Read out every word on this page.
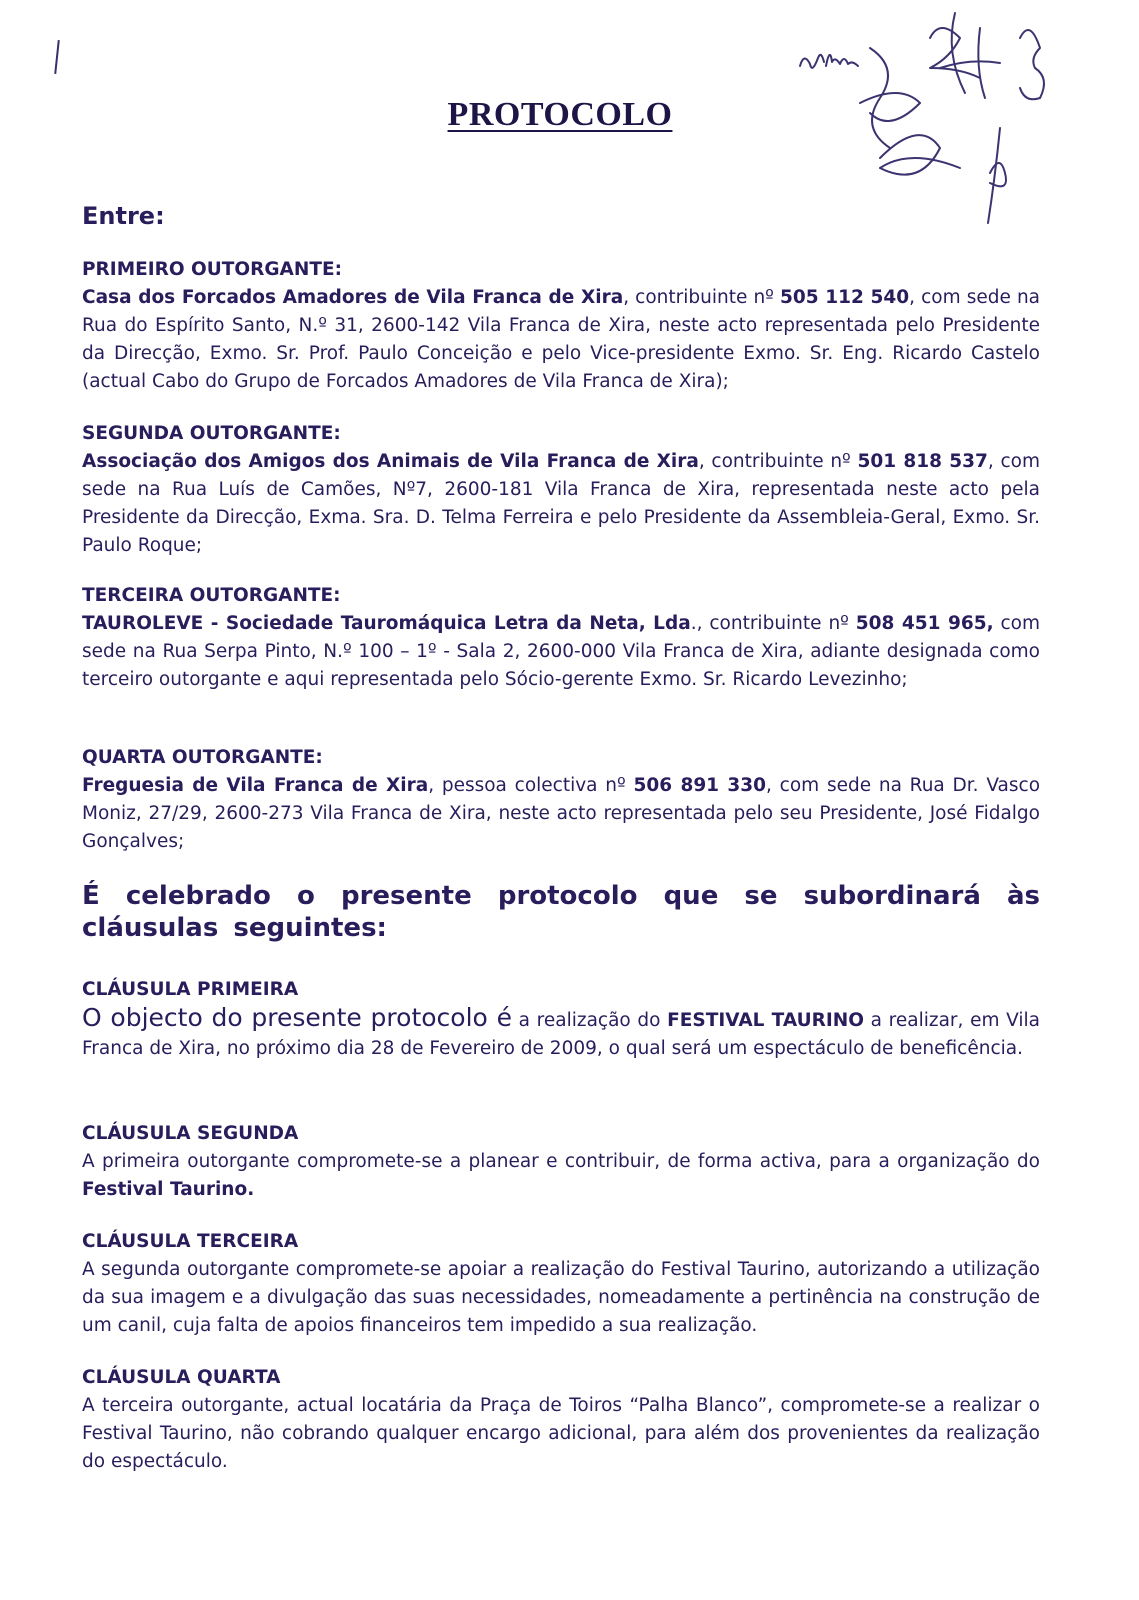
PROTOCOLO
Entre:
PRIMEIRO OUTORGANTE:
Casa dos Forcados Amadores de Vila Franca de Xira, contribuinte nº 505 112 540, com sede na Rua do Espírito Santo, N.º 31, 2600-142 Vila Franca de Xira, neste acto representada pelo Presidente da Direcção, Exmo. Sr. Prof. Paulo Conceição e pelo Vice-presidente Exmo. Sr. Eng. Ricardo Castelo (actual Cabo do Grupo de Forcados Amadores de Vila Franca de Xira);
SEGUNDA OUTORGANTE:
Associação dos Amigos dos Animais de Vila Franca de Xira, contribuinte nº 501 818 537, com sede na Rua Luís de Camões, Nº7, 2600-181 Vila Franca de Xira, representada neste acto pela Presidente da Direcção, Exma. Sra. D. Telma Ferreira e pelo Presidente da Assembleia-Geral, Exmo. Sr. Paulo Roque;
TERCEIRA OUTORGANTE:
TAUROLEVE - Sociedade Tauromáquica Letra da Neta, Lda., contribuinte nº 508 451 965, com sede na Rua Serpa Pinto, N.º 100 – 1º - Sala 2, 2600-000 Vila Franca de Xira, adiante designada como terceiro outorgante e aqui representada pelo Sócio-gerente Exmo. Sr. Ricardo Levezinho;
QUARTA OUTORGANTE:
Freguesia de Vila Franca de Xira, pessoa colectiva nº 506 891 330, com sede na Rua Dr. Vasco Moniz, 27/29, 2600-273 Vila Franca de Xira, neste acto representada pelo seu Presidente, José Fidalgo Gonçalves;
É celebrado o presente protocolo que se subordinará às cláusulas seguintes:
CLÁUSULA PRIMEIRA
O objecto do presente protocolo é a realização do FESTIVAL TAURINO a realizar, em Vila Franca de Xira, no próximo dia 28 de Fevereiro de 2009, o qual será um espectáculo de beneficência.
CLÁUSULA SEGUNDA
A primeira outorgante compromete-se a planear e contribuir, de forma activa, para a organização do Festival Taurino.
CLÁUSULA TERCEIRA
A segunda outorgante compromete-se apoiar a realização do Festival Taurino, autorizando a utilização da sua imagem e a divulgação das suas necessidades, nomeadamente a pertinência na construção de um canil, cuja falta de apoios financeiros tem impedido a sua realização.
CLÁUSULA QUARTA
A terceira outorgante, actual locatária da Praça de Toiros “Palha Blanco”, compromete-se a realizar o Festival Taurino, não cobrando qualquer encargo adicional, para além dos provenientes da realização do espectáculo.
